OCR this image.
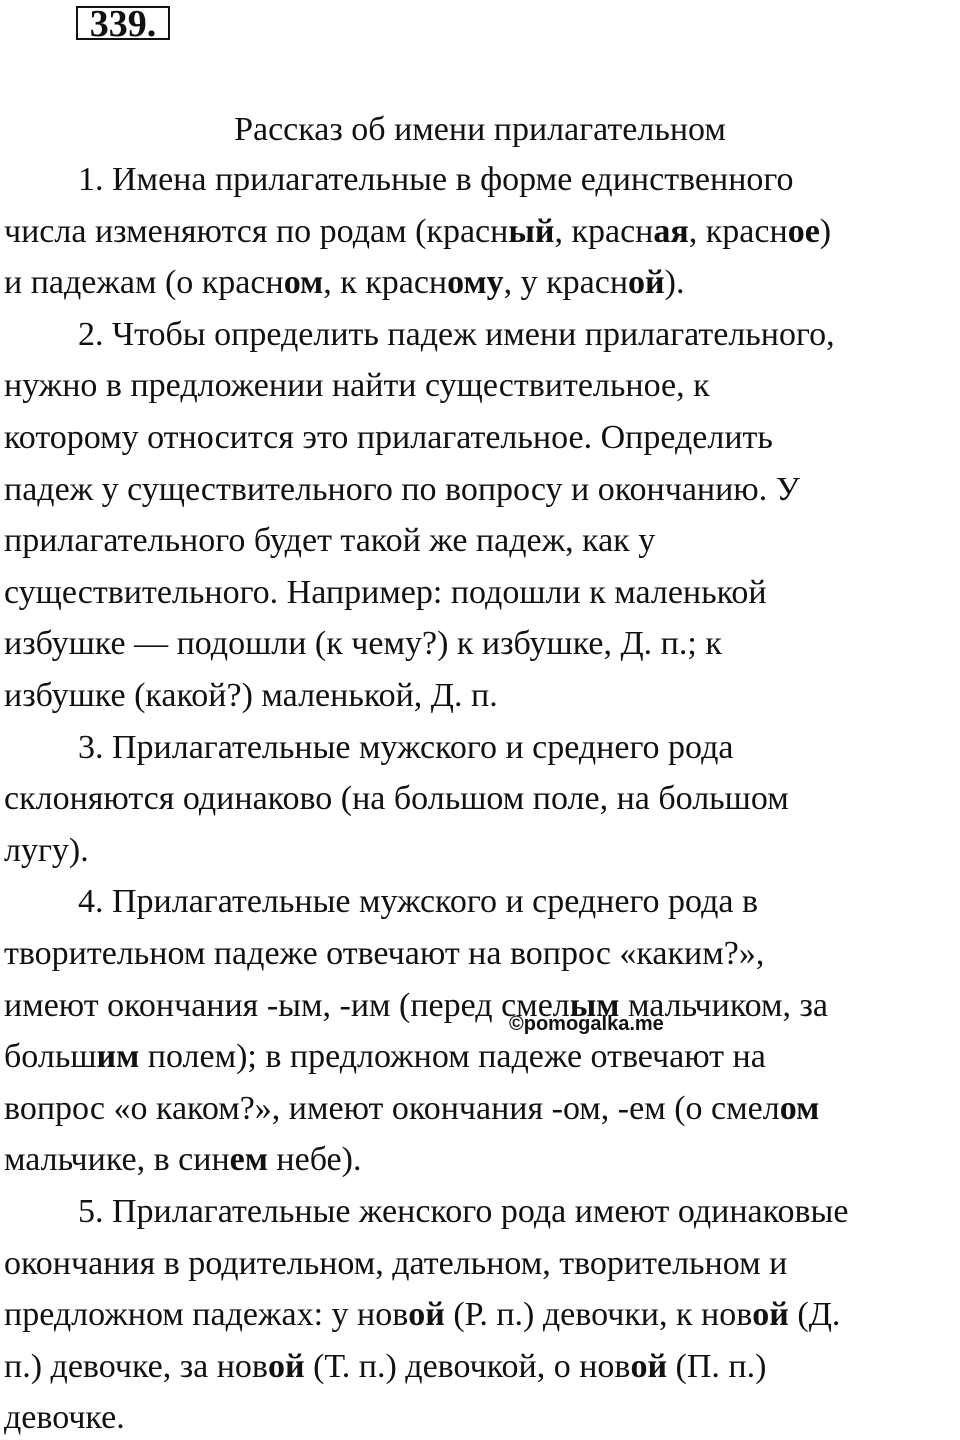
339.
Рассказ об имени прилагательном
1. Имена прилагательные в форме единственного
числа изменяются по родам (красный, красная, красное)
и падежам (о красном, к красному, у красной).
2. Чтобы определить падеж имени прилагательного,
нужно в предложении найти существительное, к
которому относится это прилагательное. Определить
падеж у существительного по вопросу и окончанию. У
прилагательного будет такой же падеж, как у
существительного. Например: подошли к маленькой
избушке — подошли (к чему?) к избушке, Д. п.; к
избушке (какой?) маленькой, Д. п.
3. Прилагательные мужского и среднего рода
склоняются одинаково (на большом поле, на большом
лугу).
4. Прилагательные мужского и среднего рода в
творительном падеже отвечают на вопрос «каким?»,
имеют окончания -ым, -им (перед смелым мальчиком, за
большим полем); в предложном падеже отвечают на
вопрос «о каком?», имеют окончания -ом, -ем (о смелом
мальчике, в синем небе).
5. Прилагательные женского рода имеют одинаковые
окончания в родительном, дательном, творительном и
предложном падежах: у новой (Р. п.) девочки, к новой (Д.
п.) девочке, за новой (Т. п.) девочкой, о новой (П. п.)
девочке.
©pomogalka.me
